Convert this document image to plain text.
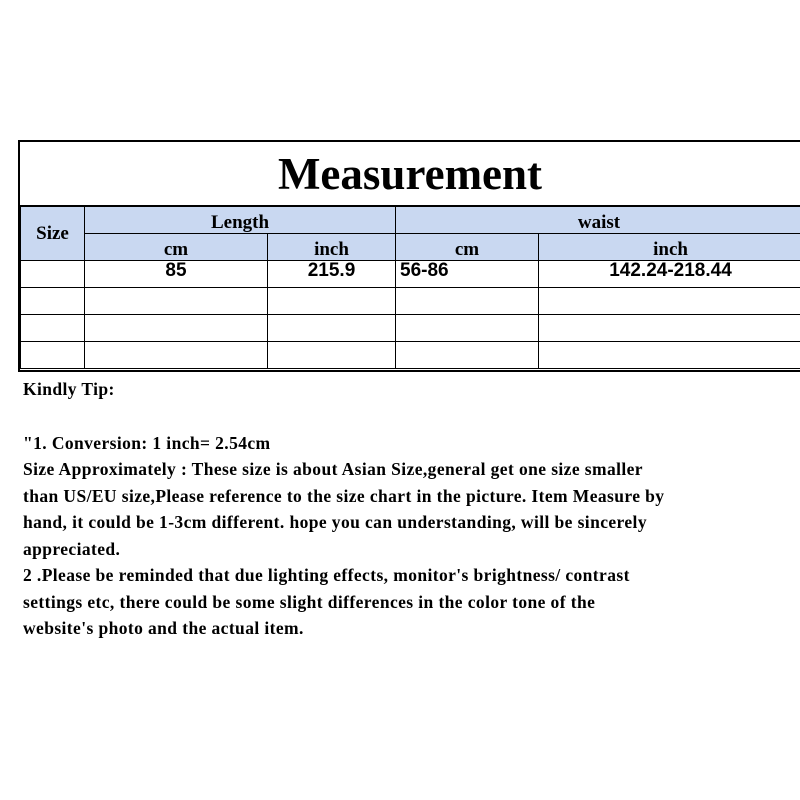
Measurement
Size	Length		waist	
	cm	inch	cm	inch
	85	215.9	56-86	142.24-218.44

Kindly Tip:

"1. Conversion: 1 inch= 2.54cm

Size Approximately : These size is about Asian Size,general get one size smaller

than US/EU size,Please reference to the size chart in the picture. Item Measure by

hand, it could be 1-3cm different. hope you can understanding, will be sincerely

appreciated.

2 .Please be reminded that due lighting effects, monitor's brightness/ contrast

settings etc, there could be some slight differences in the color tone of the

website's photo and the actual item.
